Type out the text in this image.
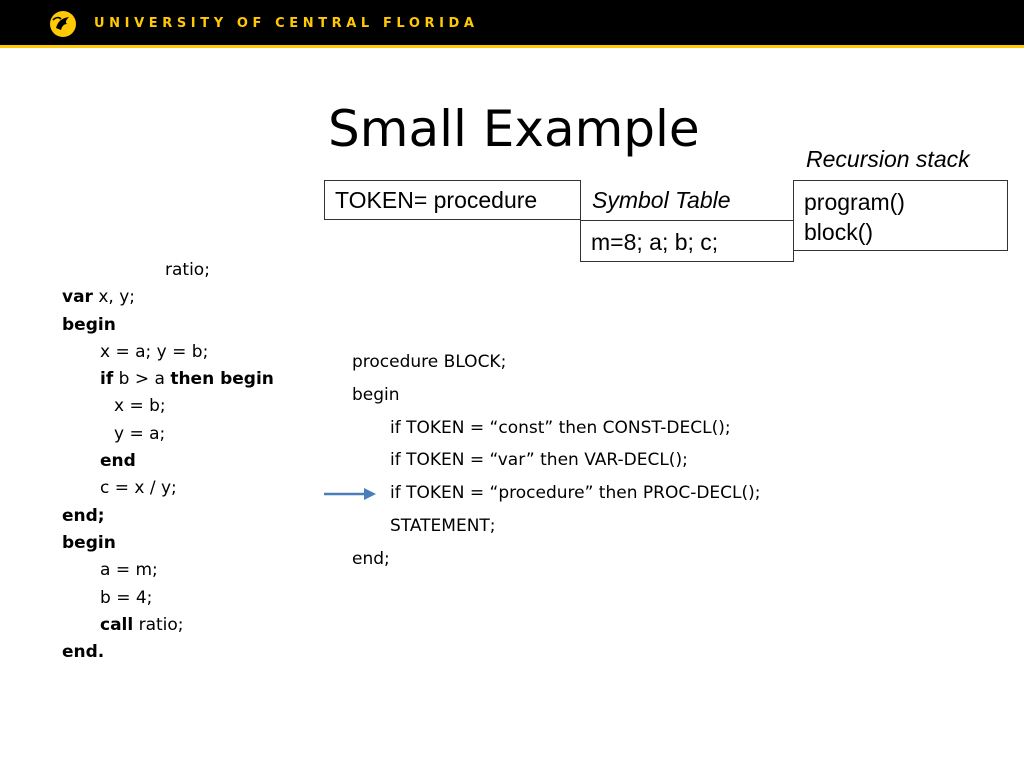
UNIVERSITY OF CENTRAL FLORIDA
Small Example
Recursion stack
TOKEN= procedure	Symbol Table
m=8; a; b; c;
program()
block()
ratio;
var x, y;
begin
x = a; y = b;
if b > a then begin
x = b;
y = a;
end
c = x / y;
end;
begin
a = m;
b = 4;
call ratio;
end.
procedure BLOCK;
begin
if TOKEN = “const” then CONST-DECL();
if TOKEN = “var” then VAR-DECL();
if TOKEN = “procedure” then PROC-DECL();
STATEMENT;
end;
